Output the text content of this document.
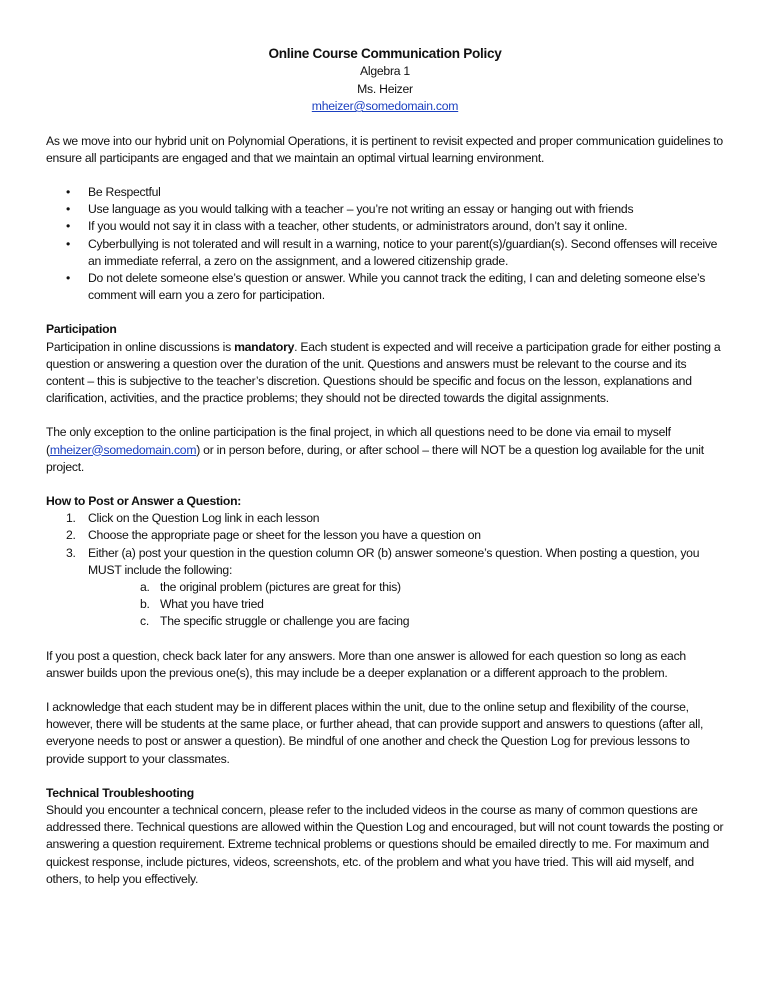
Online Course Communication Policy
Algebra 1
Ms. Heizer
mheizer@somedomain.com

As we move into our hybrid unit on Polynomial Operations, it is pertinent to revisit expected and proper communication guidelines to ensure all participants are engaged and that we maintain an optimal virtual learning environment.

• Be Respectful
• Use language as you would talking with a teacher – you’re not writing an essay or hanging out with friends
• If you would not say it in class with a teacher, other students, or administrators around, don’t say it online.
• Cyberbullying is not tolerated and will result in a warning, notice to your parent(s)/guardian(s). Second offenses will receive an immediate referral, a zero on the assignment, and a lowered citizenship grade.
• Do not delete someone else’s question or answer. While you cannot track the editing, I can and deleting someone else’s comment will earn you a zero for participation.
Participation

Participation in online discussions is mandatory. Each student is expected and will receive a participation grade for either posting a question or answering a question over the duration of the unit. Questions and answers must be relevant to the course and its content – this is subjective to the teacher’s discretion. Questions should be specific and focus on the lesson, explanations and clarification, activities, and the practice problems; they should not be directed towards the digital assignments.

The only exception to the online participation is the final project, in which all questions need to be done via email to myself (mheizer@somedomain.com) or in person before, during, or after school – there will NOT be a question log available for the unit project.

How to Post or Answer a Question:
1. Click on the Question Log link in each lesson
2. Choose the appropriate page or sheet for the lesson you have a question on
3. Either (a) post your question in the question column OR (b) answer someone’s question. When posting a question, you MUST include the following:
a. the original problem (pictures are great for this)
b. What you have tried
c. The specific struggle or challenge you are facing

If you post a question, check back later for any answers. More than one answer is allowed for each question so long as each answer builds upon the previous one(s), this may include be a deeper explanation or a different approach to the problem.

I acknowledge that each student may be in different places within the unit, due to the online setup and flexibility of the course, however, there will be students at the same place, or further ahead, that can provide support and answers to questions (after all, everyone needs to post or answer a question). Be mindful of one another and check the Question Log for previous lessons to provide support to your classmates.

Technical Troubleshooting

Should you encounter a technical concern, please refer to the included videos in the course as many of common questions are addressed there. Technical questions are allowed within the Question Log and encouraged, but will not count towards the posting or answering a question requirement. Extreme technical problems or questions should be emailed directly to me. For maximum and quickest response, include pictures, videos, screenshots, etc. of the problem and what you have tried. This will aid myself, and others, to help you effectively.
